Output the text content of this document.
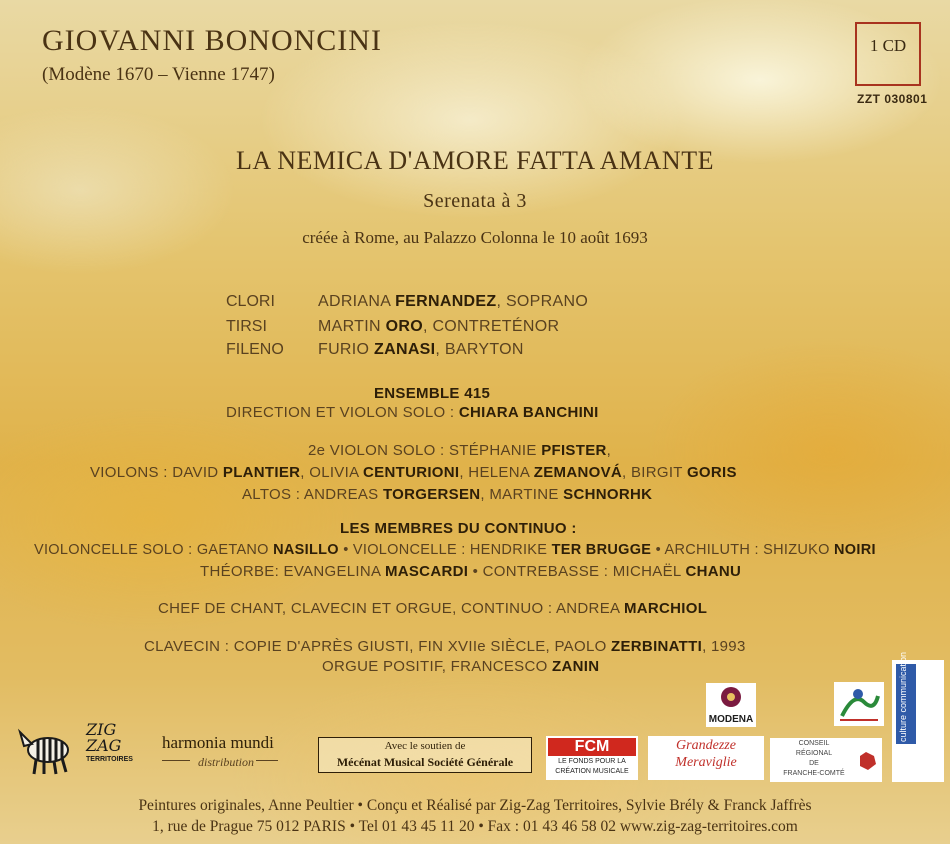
GIOVANNI BONONCINI
(Modène 1670 – Vienne 1747)
1 CD
ZZT 030801
LA NEMICA D'AMORE FATTA AMANTE
Serenata à 3
créée à Rome, au Palazzo Colonna le 10 août 1693
CLORI	ADRIANA FERNANDEZ, SOPRANO
TIRSI	MARTIN ORO, CONTRETÉNOR
FILENO FURIO ZANASI, BARYTON
ENSEMBLE 415
DIRECTION ET VIOLON SOLO : CHIARA BANCHINI
2e VIOLON SOLO : STÉPHANIE PFISTER,
VIOLONS : DAVID PLANTIER, OLIVIA CENTURIONI, HELENA ZEMANOVÁ, BIRGIT GORIS
ALTOS : ANDREAS TORGERSEN, MARTINE SCHNORHK
LES MEMBRES DU CONTINUO :
VIOLONCELLE SOLO : GAETANO NASILLO • VIOLONCELLE : HENDRIKE TER BRUGGE • ARCHILUTH : SHIZUKO NOIRI
THÉORBE: EVANGELINA MASCARDI • CONTREBASSE : MICHAËL CHANU
CHEF DE CHANT, CLAVECIN ET ORGUE, CONTINUO : ANDREA MARCHIOL
CLAVECIN : COPIE D'APRÈS GIUSTI, FIN XVIIe SIÈCLE, PAOLO ZERBINATTI, 1993
ORGUE POSITIF, FRANCESCO ZANIN
ZIG
ZAG
TERRITOIRES
harmonia mundi
distribution
Avec le soutien de
Mécénat Musical Société Générale
FCM
LE FONDS POUR LA
CRÉATION MUSICALE
Grandezze
Meraviglie
MODENA
CONSEIL
RÉGIONAL
DE
FRANCHE-COMTÉ
Peintures originales, Anne Peultier • Conçu et Réalisé par Zig-Zag Territoires, Sylvie Brély & Franck Jaffrès
1, rue de Prague 75 012 PARIS • Tel 01 43 45 11 20 • Fax : 01 43 46 58 02 www.zig-zag-territoires.com
